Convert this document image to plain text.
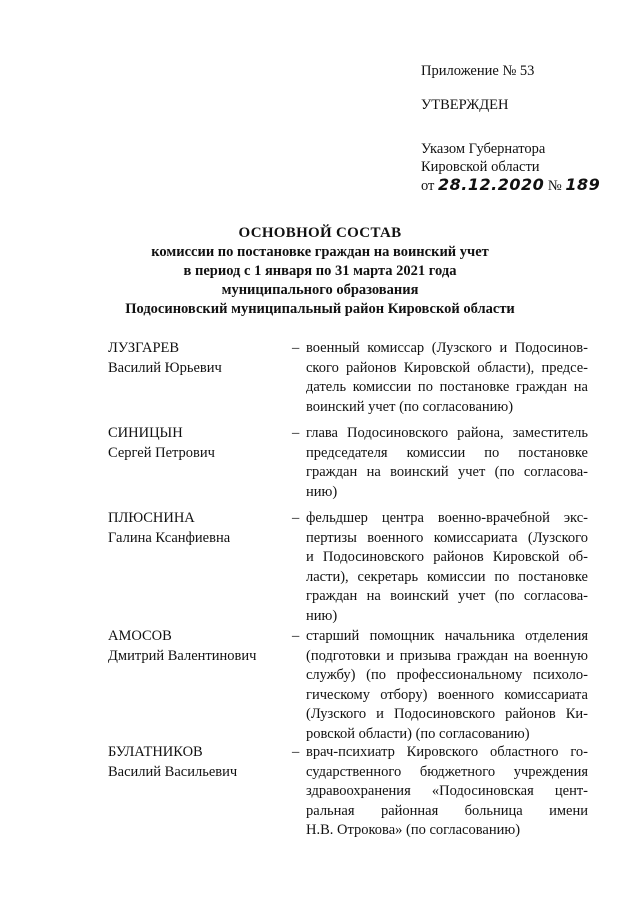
Приложение № 53
УТВЕРЖДЕН
Указом Губернатора
Кировской области
от 28.12.2020 № 189
ОСНОВНОЙ СОСТАВ
комиссии по постановке граждан на воинский учет
в период с 1 января по 31 марта 2021 года
муниципального образования
Подосиновский муниципальный район Кировской области
ЛУЗГАРЕВ
Василий Юрьевич
– военный комиссар (Лузского и Подосинов-
ского районов Кировской области), предсе-
датель комиссии по постановке граждан на
воинский учет (по согласованию)
СИНИЦЫН
Сергей Петрович
– глава Подосиновского района, заместитель
председателя комиссии по постановке
граждан на воинский учет (по согласова-
нию)
ПЛЮСНИНА
Галина Ксанфиевна
– фельдшер центра военно-врачебной экс-
пертизы военного комиссариата (Лузского
и Подосиновского районов Кировской об-
ласти), секретарь комиссии по постановке
граждан на воинский учет (по согласова-
нию)
АМОСОВ
Дмитрий Валентинович
– старший помощник начальника отделения
(подготовки и призыва граждан на военную
службу) (по профессиональному психоло-
гическому отбору) военного комиссариата
(Лузского и Подосиновского районов Ки-
ровской области) (по согласованию)
БУЛАТНИКОВ
Василий Васильевич
– врач-психиатр Кировского областного го-
сударственного бюджетного учреждения
здравоохранения «Подосиновская цент-
ральная районная больница имени
Н.В. Отрокова» (по согласованию)
